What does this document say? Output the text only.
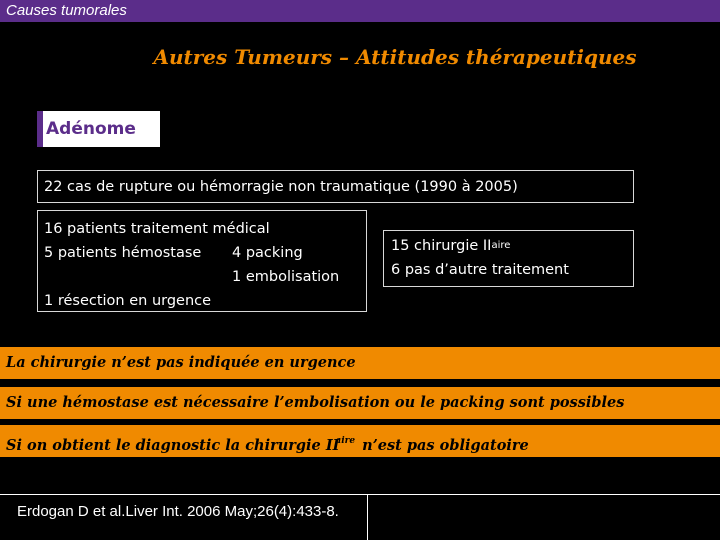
Causes tumorales
Autres Tumeurs – Attitudes thérapeutiques
Adénome
22 cas de rupture ou hémorragie non traumatique (1990 à 2005)
16 patients traitement médical
5 patients hémostase	4 packing
1 embolisation
1 résection en urgence
15 chirurgie II aire
6 pas d’autre traitement
La chirurgie n’est pas indiquée en urgence
Si une hémostase est nécessaire l’embolisation ou le packing sont possibles
Si on obtient le diagnostic la chirurgie IIaire n’est pas obligatoire
Erdogan D et al.Liver Int. 2006 May;26(4):433-8.
